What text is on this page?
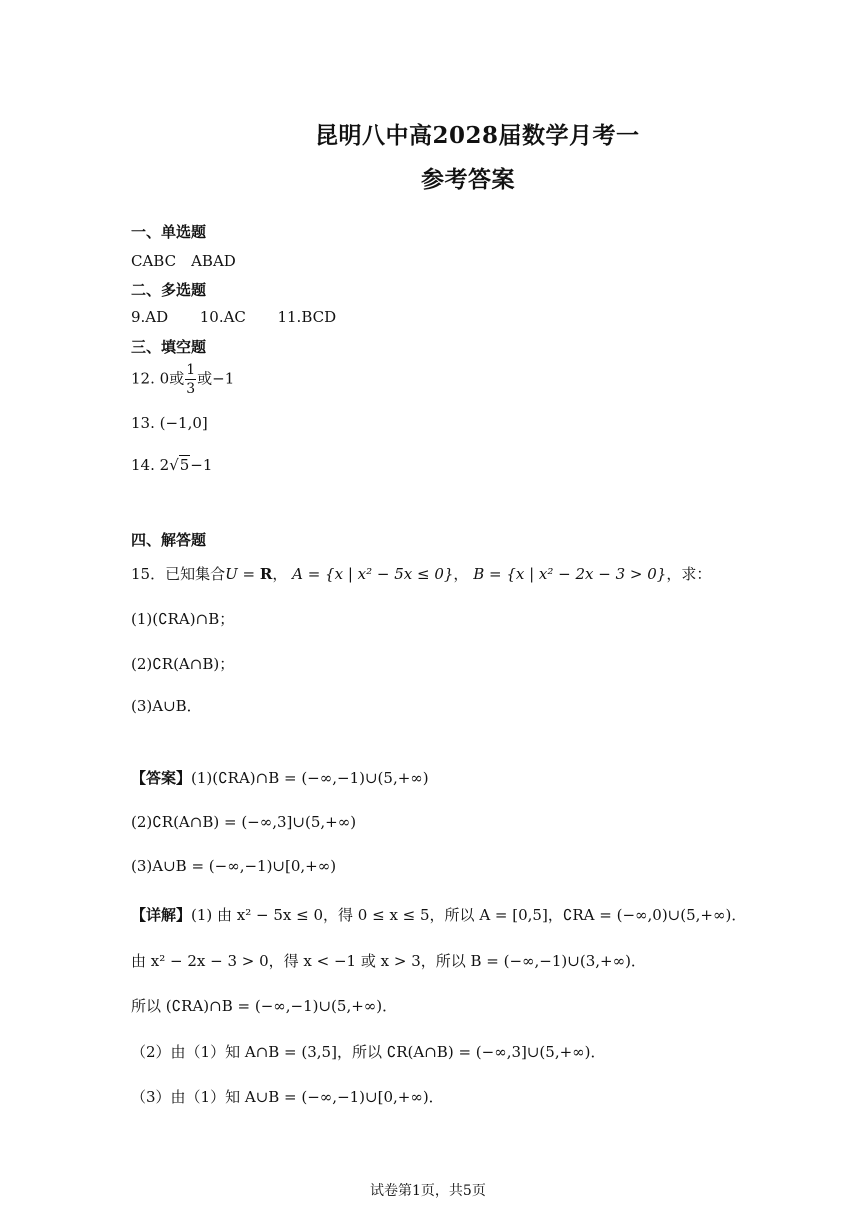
昆明八中高2028届数学月考一
参考答案
一、单选题
CABC　ABAD
二、多选题
9.AD 10.AC 11.BCD
三、填空题
12. 0或 $\frac{1}{3}$ 或−1
13. (−1,0]
14. 2√5−1
四、解答题
15．已知集合U = R， A = {x | x² − 5x ≤ 0}， B = {x | x² − 2x − 3 > 0}，求：
(1)(∁RA)∩B；
(2)∁R(A∩B)；
(3)A∪B．
【答案】(1)(∁RA)∩B = (−∞,−1)∪(5,+∞)
(2)∁R(A∩B) = (−∞,3]∪(5,+∞)
(3)A∪B = (−∞,−1)∪[0,+∞)
【详解】(1) 由 x² − 5x ≤ 0，得 0 ≤ x ≤ 5，所以 A = [0,5]，∁RA = (−∞,0)∪(5,+∞)．
由 x² − 2x − 3 > 0，得 x < −1 或 x > 3，所以 B = (−∞,−1)∪(3,+∞)．
所以 (∁RA)∩B = (−∞,−1)∪(5,+∞)．
（2）由（1）知 A∩B = (3,5]，所以 ∁R(A∩B) = (−∞,3]∪(5,+∞)．
（3）由（1）知 A∪B = (−∞,−1)∪[0,+∞)．
试卷第1页，共5页
